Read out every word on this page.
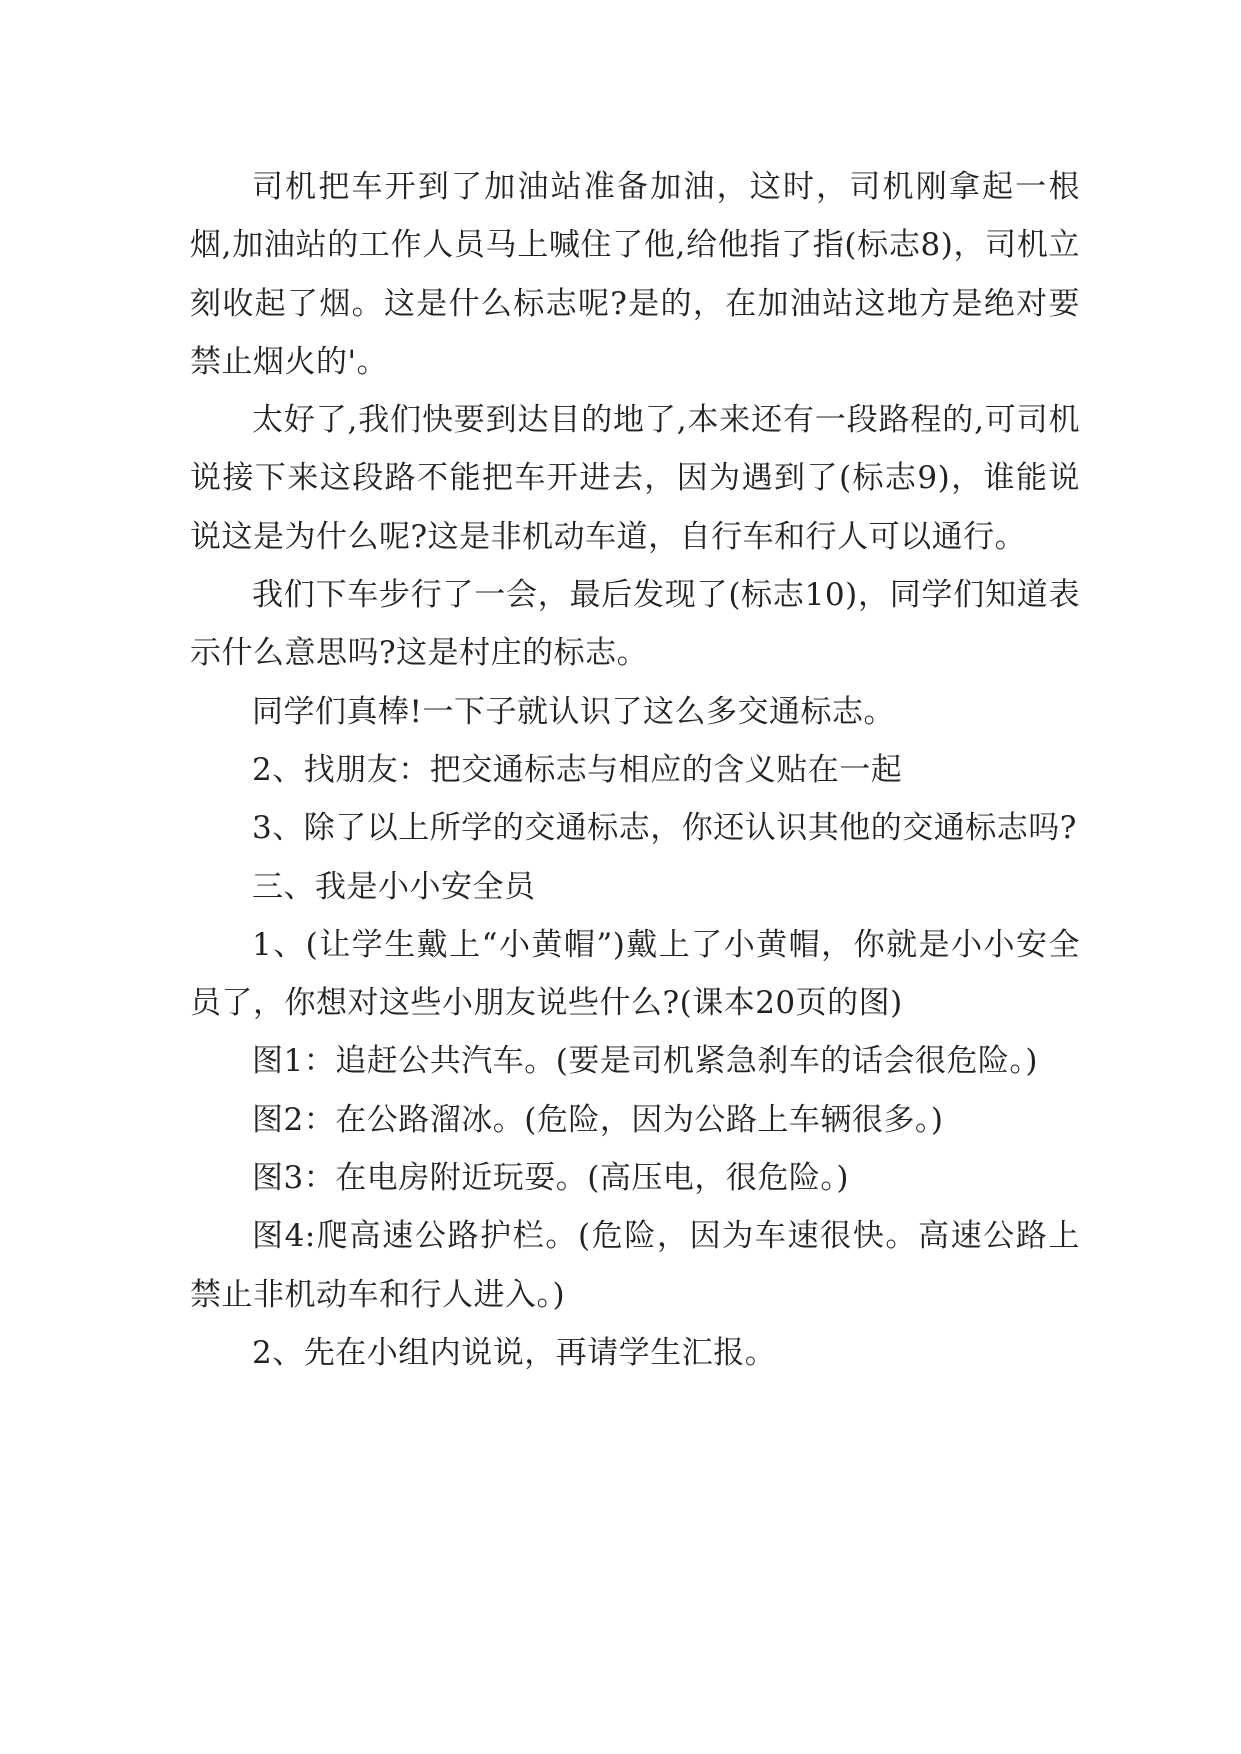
司机把车开到了加油站准备加油，这时，司机刚拿起一根烟,加油站的工作人员马上喊住了他,给他指了指(标志8)，司机立刻收起了烟。这是什么标志呢?是的，在加油站这地方是绝对要禁止烟火的'。

太好了,我们快要到达目的地了,本来还有一段路程的,可司机说接下来这段路不能把车开进去，因为遇到了(标志9)，谁能说说这是为什么呢?这是非机动车道，自行车和行人可以通行。

我们下车步行了一会，最后发现了(标志10)，同学们知道表示什么意思吗?这是村庄的标志。

同学们真棒!一下子就认识了这么多交通标志。

2、找朋友：把交通标志与相应的含义贴在一起

3、除了以上所学的交通标志，你还认识其他的交通标志吗?

三、我是小小安全员

1、(让学生戴上“小黄帽”)戴上了小黄帽，你就是小小安全员了，你想对这些小朋友说些什么?(课本20页的图)

图1：追赶公共汽车。(要是司机紧急刹车的话会很危险。)

图2：在公路溜冰。(危险，因为公路上车辆很多。)

图3：在电房附近玩耍。(高压电，很危险。)

图4:爬高速公路护栏。(危险，因为车速很快。高速公路上禁止非机动车和行人进入。)

2、先在小组内说说，再请学生汇报。
